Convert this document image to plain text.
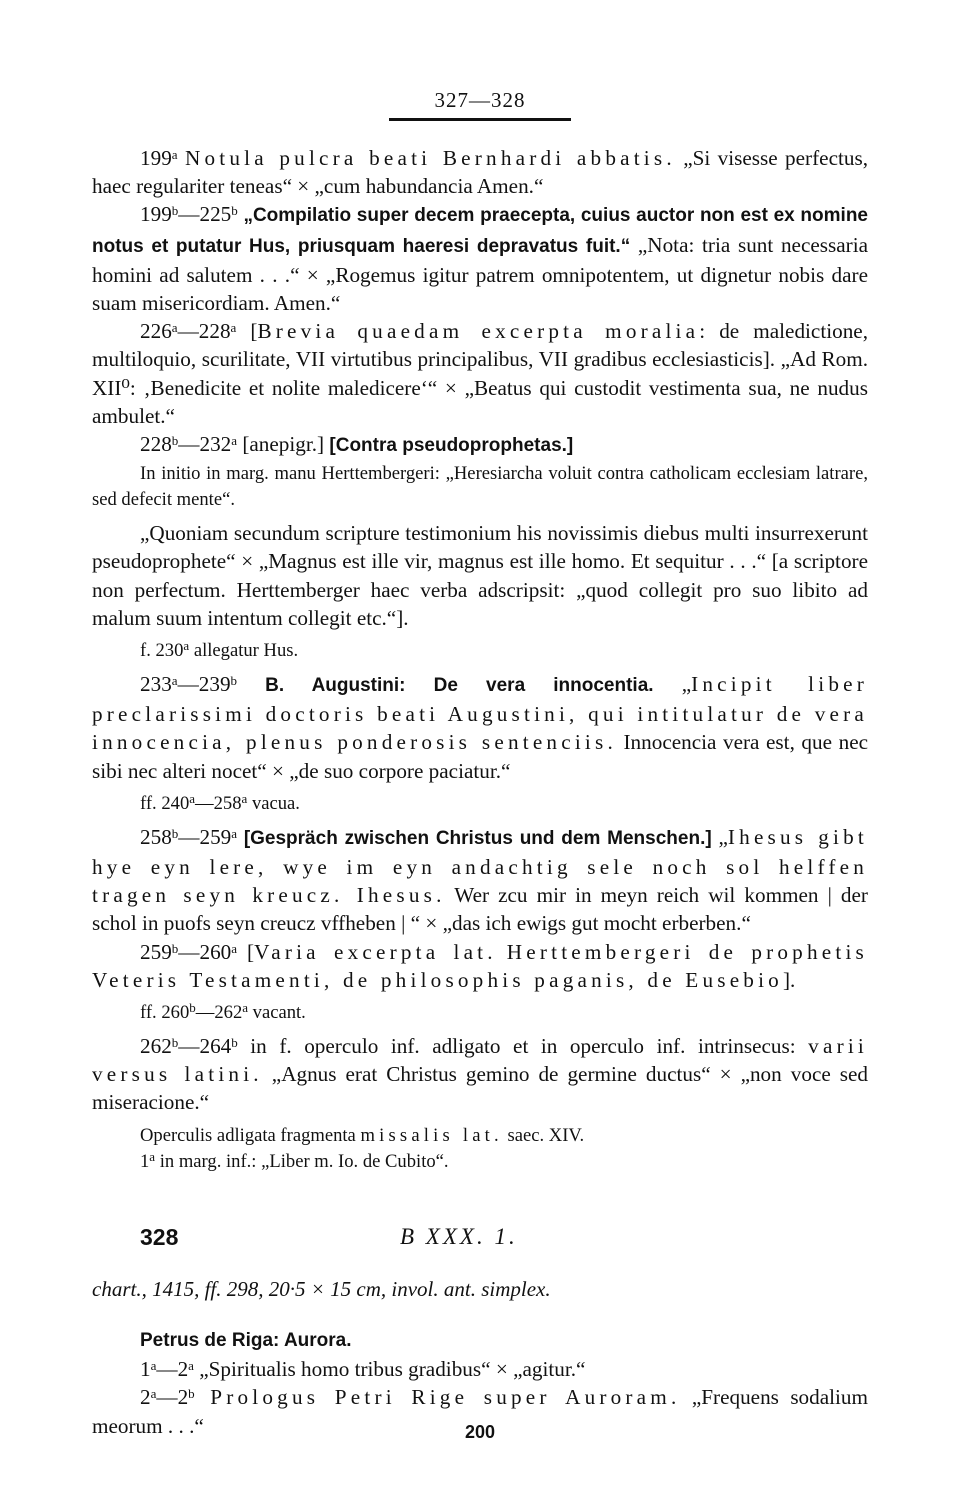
327—328

199$^a$ Notula pulcra beati Bernhardi abbatis. „Si visesse perfectus, haec regulariter teneas“ × „cum habundancia Amen.“

199$^b$—225$^b$ „Compilatio super decem praecepta, cuius auctor non est ex nomine notus et putatur Hus, priusquam haeresi depravatus fuit.“ „Nota: tria sunt necessaria homini ad salutem . . .“ × „Rogemus igitur patrem omnipotentem, ut dignetur nobis dare suam misericordiam. Amen.“

226$^a$—228$^a$ [Brevia quaedam excerpta moralia: de maledictione, multiloquio, scurilitate, VII virtutibus principalibus, VII gradibus ecclesiasticis]. „Ad Rom. XII⁰: ‚Benedicite et nolite maledicere‘“ × „Beatus qui custodit vestimenta sua, ne nudus ambulet.“

228$^b$—232$^a$ [anepigr.] [Contra pseudoprophetas.]

In initio in marg. manu Herttembergeri: „Heresiarcha voluit contra catholicam ecclesiam latrare, sed defecit mente“.

„Quoniam secundum scripture testimonium his novissimis diebus multi insurrexerunt pseudoprophete“ × „Magnus est ille vir, magnus est ille homo. Et sequitur . . .“ [a scriptore non perfectum. Herttemberger haec verba adscripsit: „quod collegit pro suo libito ad malum suum intentum collegit etc.“].

f. 230$^a$ allegatur Hus.

233$^a$—239$^b$ B. Augustini: De vera innocentia. „Incipit liber preclarissimi doctoris beati Augustini, qui intitulatur de vera innocencia, plenus ponderosis sentenciis. Innocencia vera est, que nec sibi nec alteri nocet“ × „de suo corpore paciatur.“

ff. 240$^a$—258$^a$ vacua.

258$^b$—259$^a$ [Gespräch zwischen Christus und dem Menschen.] „Ihesus gibt hye eyn lere, wye im eyn andachtig sele noch sol helffen tragen seyn kreucz. Ihesus. Wer zcu mir in meyn reich wil kommen | der schol in puofs seyn creucz vffheben | “ × „das ich ewigs gut mocht erberben.“

259$^b$—260$^a$ [Varia excerpta lat. Herttembergeri de prophetis Veteris Testamenti, de philosophis paganis, de Eusebio].

ff. 260$^b$—262$^a$ vacant.

262$^b$—264$^b$ in f. operculo inf. adligato et in operculo inf. intrinsecus: varii versus latini. „Agnus erat Christus gemino de germine ductus“ × „non voce sed miseracione.“

Operculis adligata fragmenta missalis lat. saec. XIV.

1$^a$ in marg. inf.: „Liber m. Io. de Cubito“.

328	B XXX. 1.

chart., 1415, ff. 298, 20·5 × 15 cm, invol. ant. simplex.

Petrus de Riga: Aurora.

1$^a$—2$^a$ „Spiritualis homo tribus gradibus“ × „agitur.“

2$^a$—2$^b$ Prologus Petri Rige super Auroram. „Frequens sodalium meorum . . .“	200
